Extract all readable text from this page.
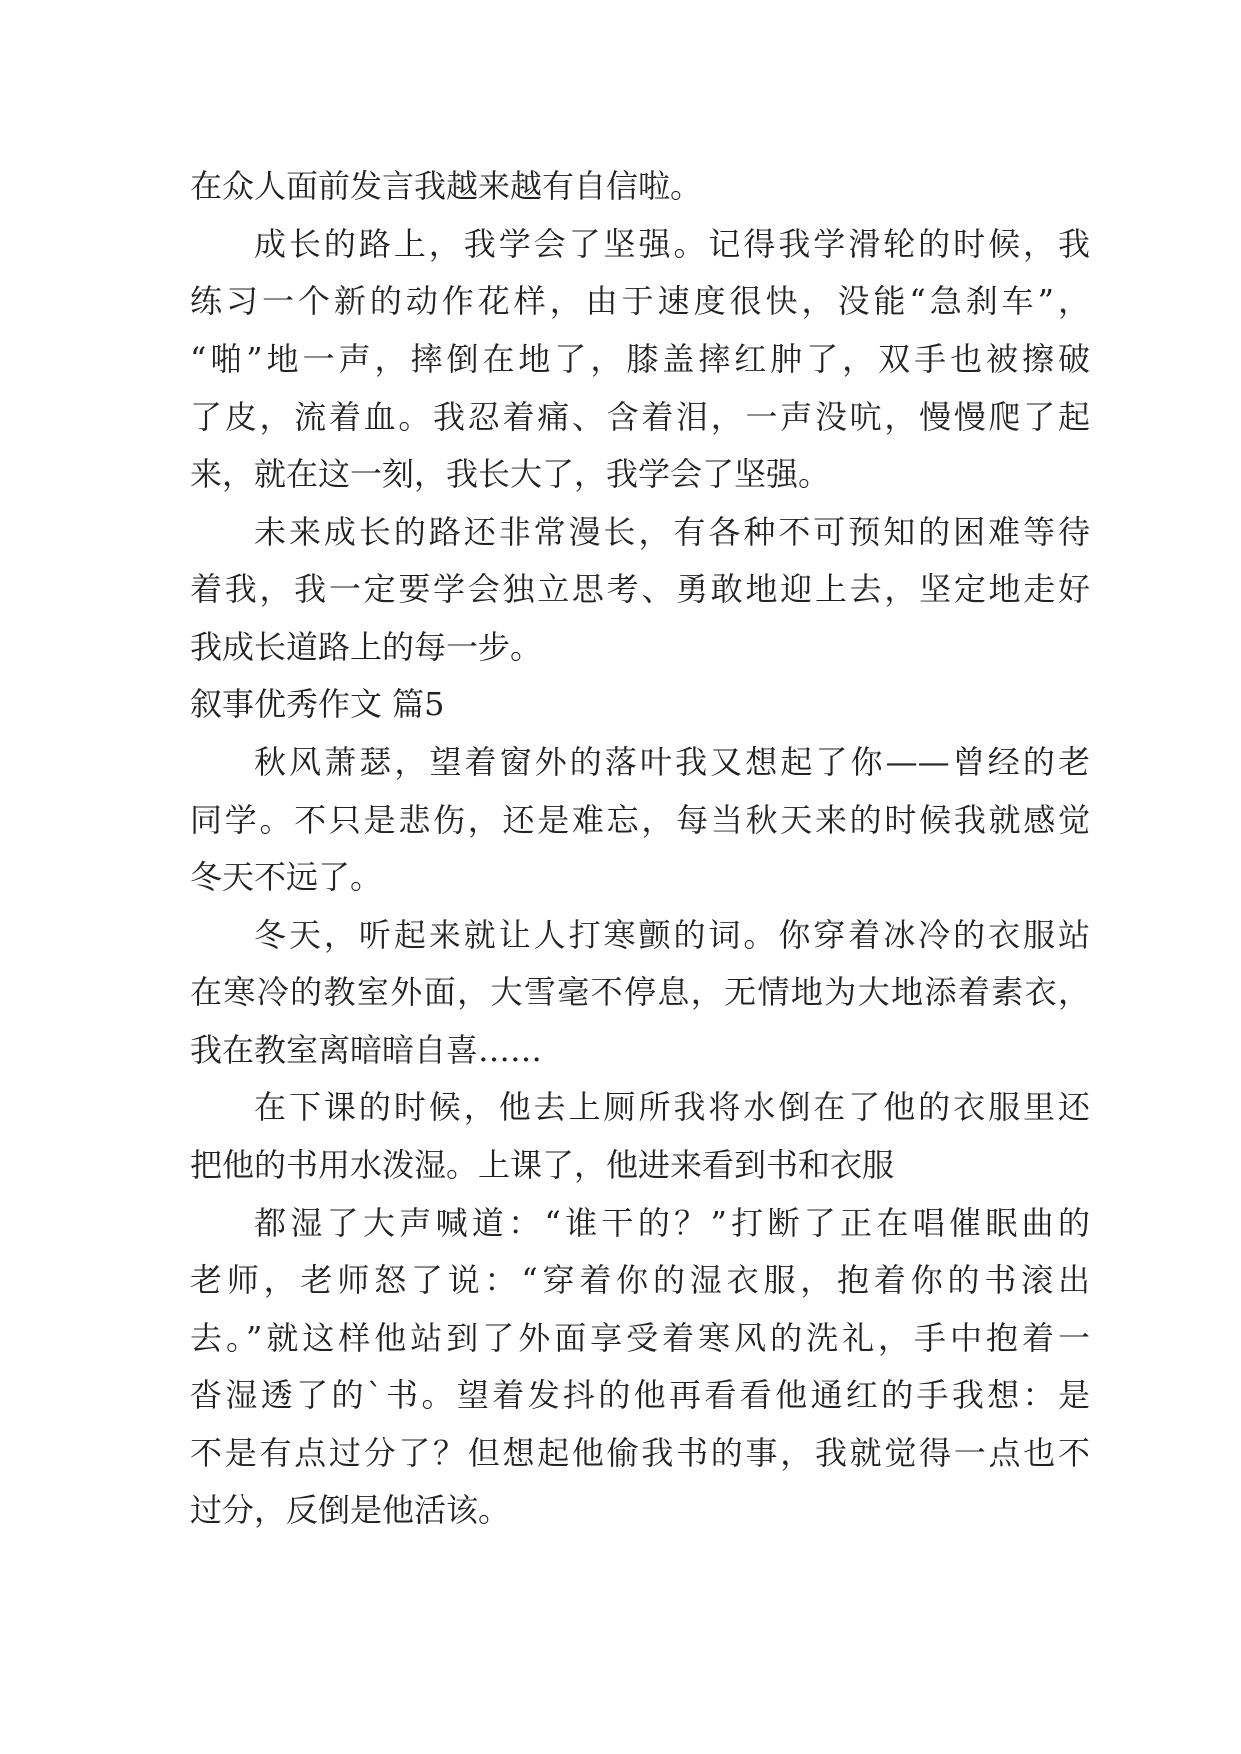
在众人面前发言我越来越有自信啦。

成长的路上，我学会了坚强。记得我学滑轮的时候，我

练习一个新的动作花样，由于速度很快，没能“急刹车”，

“啪”地一声，摔倒在地了，膝盖摔红肿了，双手也被擦破

了皮，流着血。我忍着痛、含着泪，一声没吭，慢慢爬了起

来，就在这一刻，我长大了，我学会了坚强。

未来成长的路还非常漫长，有各种不可预知的困难等待

着我，我一定要学会独立思考、勇敢地迎上去，坚定地走好

我成长道路上的每一步。

叙事优秀作文 篇5

秋风萧瑟，望着窗外的落叶我又想起了你——曾经的老

同学。不只是悲伤，还是难忘，每当秋天来的时候我就感觉

冬天不远了。

冬天，听起来就让人打寒颤的词。你穿着冰冷的衣服站

在寒冷的教室外面，大雪毫不停息，无情地为大地添着素衣，

我在教室离暗暗自喜……

在下课的时候，他去上厕所我将水倒在了他的衣服里还

把他的书用水泼湿。上课了，他进来看到书和衣服

都湿了大声喊道：“谁干的？”打断了正在唱催眠曲的

老师，老师怒了说：“穿着你的湿衣服，抱着你的书滚出

去。”就这样他站到了外面享受着寒风的洗礼，手中抱着一

沓湿透了的`书。望着发抖的他再看看他通红的手我想：是

不是有点过分了？但想起他偷我书的事，我就觉得一点也不

过分，反倒是他活该。
